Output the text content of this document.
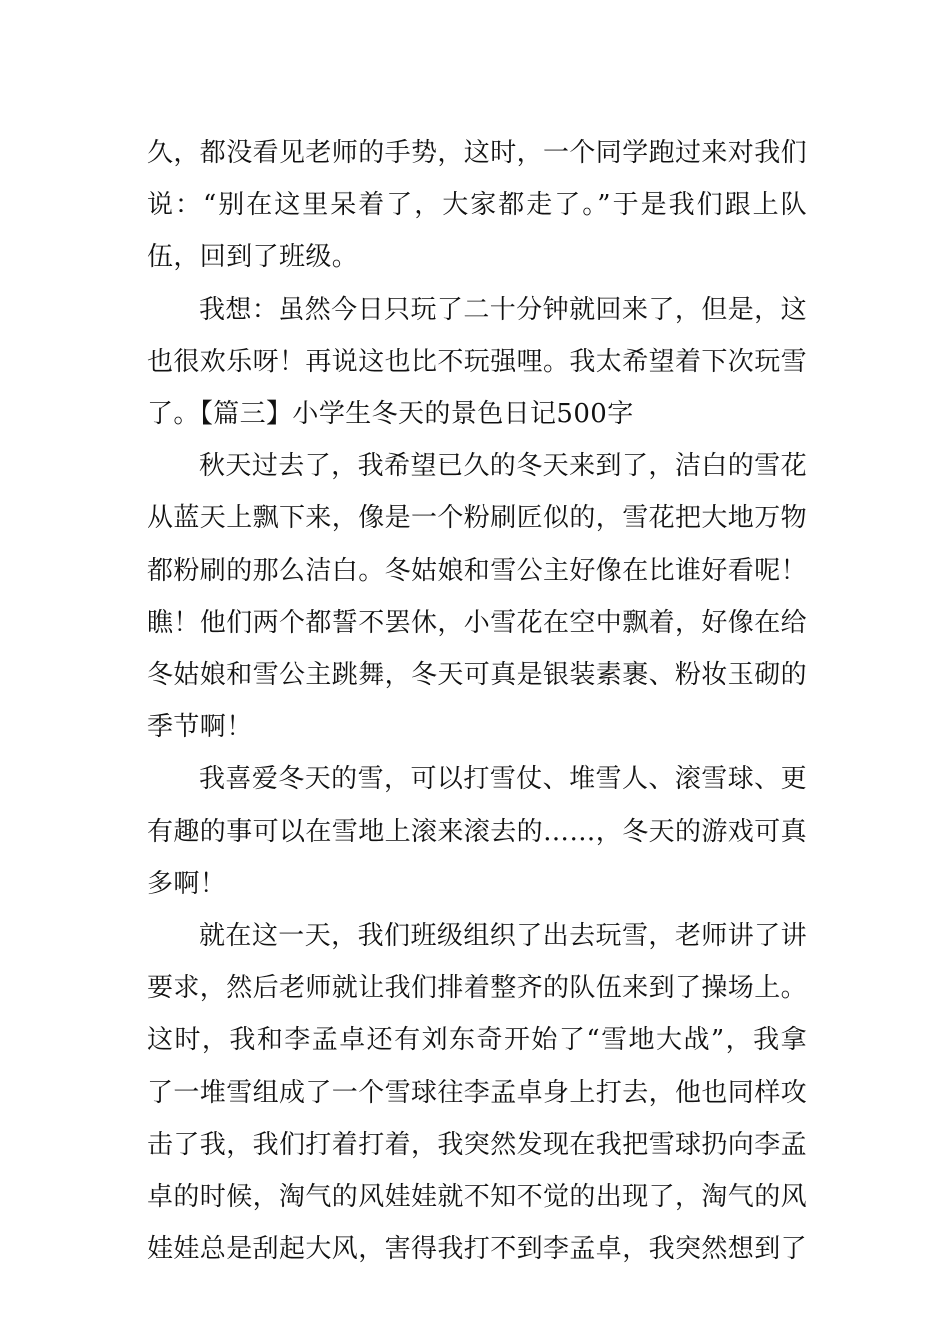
久，都没看见老师的手势，这时，一个同学跑过来对我们
说：“别在这里呆着了，大家都走了。”于是我们跟上队
伍，回到了班级。

我想：虽然今日只玩了二十分钟就回来了，但是，这
也很欢乐呀！再说这也比不玩强哩。我太希望着下次玩雪
了。【篇三】小学生冬天的景色日记500字

秋天过去了，我希望已久的冬天来到了，洁白的雪花
从蓝天上飘下来，像是一个粉刷匠似的，雪花把大地万物
都粉刷的那么洁白。冬姑娘和雪公主好像在比谁好看呢！
瞧！他们两个都誓不罢休，小雪花在空中飘着，好像在给
冬姑娘和雪公主跳舞，冬天可真是银装素裹、粉妆玉砌的
季节啊！

我喜爱冬天的雪，可以打雪仗、堆雪人、滚雪球、更
有趣的事可以在雪地上滚来滚去的……，冬天的游戏可真
多啊！

就在这一天，我们班级组织了出去玩雪，老师讲了讲
要求，然后老师就让我们排着整齐的队伍来到了操场上。
这时，我和李孟卓还有刘东奇开始了“雪地大战”，我拿
了一堆雪组成了一个雪球往李孟卓身上打去，他也同样攻
击了我，我们打着打着，我突然发现在我把雪球扔向李孟
卓的时候，淘气的风娃娃就不知不觉的出现了，淘气的风
娃娃总是刮起大风，害得我打不到李孟卓，我突然想到了
